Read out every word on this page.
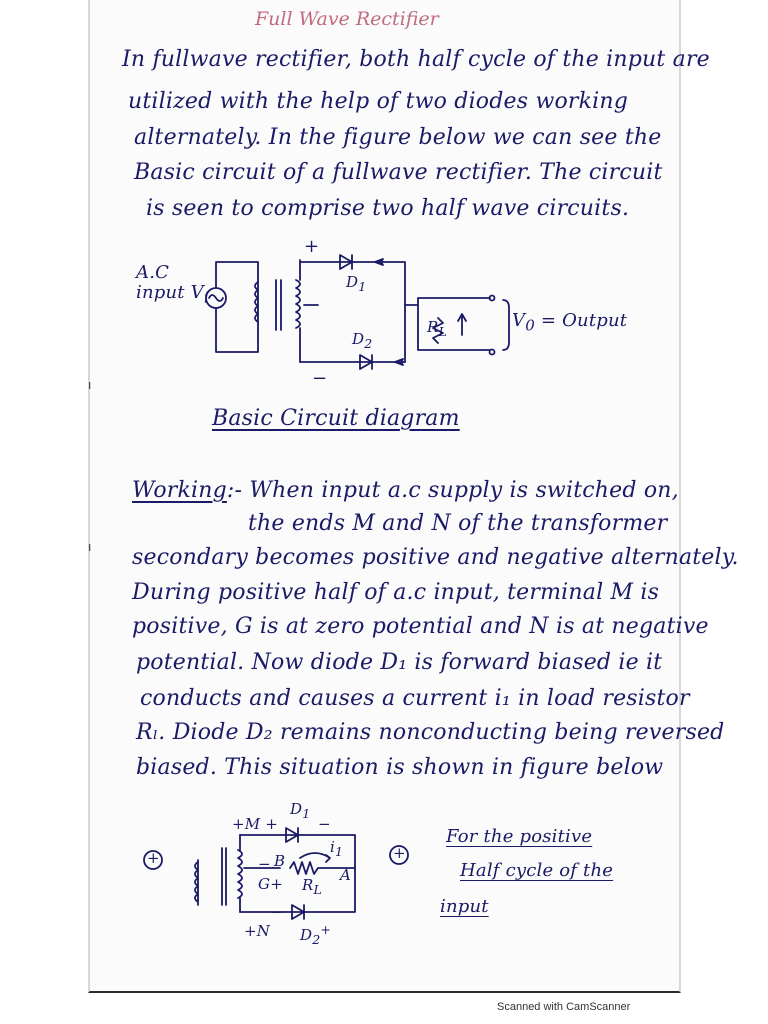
Full Wave Rectifier
In fullwave rectifier, both half cycle of the input are
utilized with the help of two diodes working
alternately. In the figure below we can see the
Basic circuit of a fullwave rectifier. The circuit
is seen to comprise two half wave circuits.
A.C
input $V_i$
+
−
$D_1$
$D_2$
$R_L$
$V_0$ = Output
Basic Circuit diagram
Working:- When input a.c supply is switched on,
the ends M and N of the transformer
secondary becomes positive and negative alternately.
During positive half of a.c input, terminal M is
positive, G is at zero potential and N is at negative
potential. Now diode D₁ is forward biased ie it
conducts and causes a current i₁ in load resistor
Rₗ. Diode D₂ remains nonconducting being reversed
biased. This situation is shown in figure below
+M +
$D_1$
−
$i_1$
B
−
$G+ R_L$
A
+	+
+N
−
$D_2^+$
For the positive
Half cycle of the
input
ı
ı
Scanned with CamScanner
